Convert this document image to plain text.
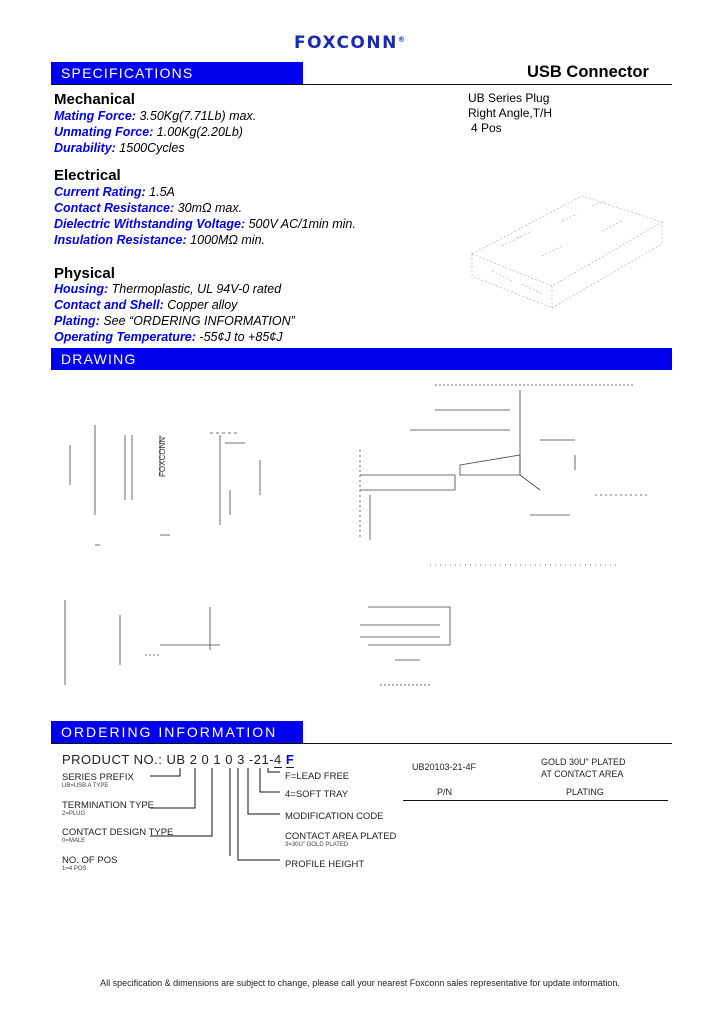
FOXCONN®
SPECIFICATIONS	USB Connector
UB Series Plug
Right Angle,T/H
4 Pos
Mechanical
Mating Force: 3.50Kg(7.71Lb) max.
Unmating Force: 1.00Kg(2.20Lb)
Durability: 1500Cycles
Electrical
Current Rating: 1.5A
Contact Resistance: 30mΩ max.
Dielectric Withstanding Voltage: 500V AC/1min min.
Insulation Resistance: 1000MΩ min.
Physical
Housing: Thermoplastic, UL 94V-0 rated
Contact and Shell: Copper alloy
Plating: See “ORDERING INFORMATION”
Operating Temperature: -55¢J to +85¢J
DRAWING
FOXCONN
ORDERING INFORMATION
PRODUCT NO.: UB 2 0 1 0 3 -21-4 F
SERIES PREFIX
UB=USB A TYPE
TERMINATION TYPE
2=PLUG
CONTACT DESIGN TYPE
0=MALE
NO. OF POS
1=4 POS
F=LEAD FREE
4=SOFT TRAY
MODIFICATION CODE
CONTACT AREA PLATED
3=30U" GOLD PLATED
PROFILE HEIGHT
UB20103-21-4F	GOLD 30U" PLATED
AT CONTACT AREA
P/N	PLATING
All specification & dimensions are subject to change, please call your nearest Foxconn sales representative for update information.
